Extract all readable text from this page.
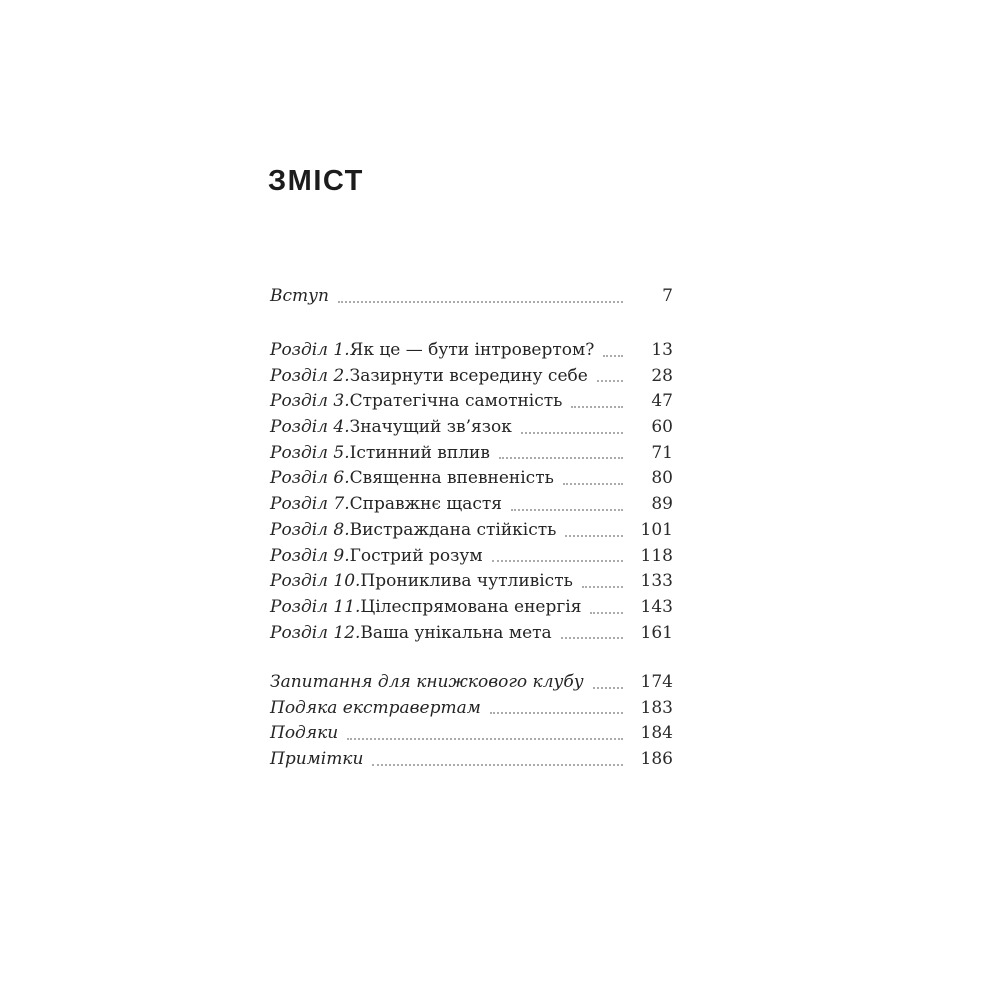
ЗМІСТ
Вступ	7
Розділ 1. Як це — бути інтровертом?	13
Розділ 2. Зазирнути всередину себе	28
Розділ 3. Стратегічна самотність	47
Розділ 4. Значущий зв’язок	60
Розділ 5. Істинний вплив	71
Розділ 6. Священна впевненість	80
Розділ 7. Справжнє щастя	89
Розділ 8. Вистраждана стійкість	101
Розділ 9. Гострий розум	118
Розділ 10. Прониклива чутливість	133
Розділ 11. Цілеспрямована енергія	143
Розділ 12. Ваша унікальна мета	161
Запитання для книжкового клубу	174
Подяка екстравертам	183
Подяки	184
Примітки	186
